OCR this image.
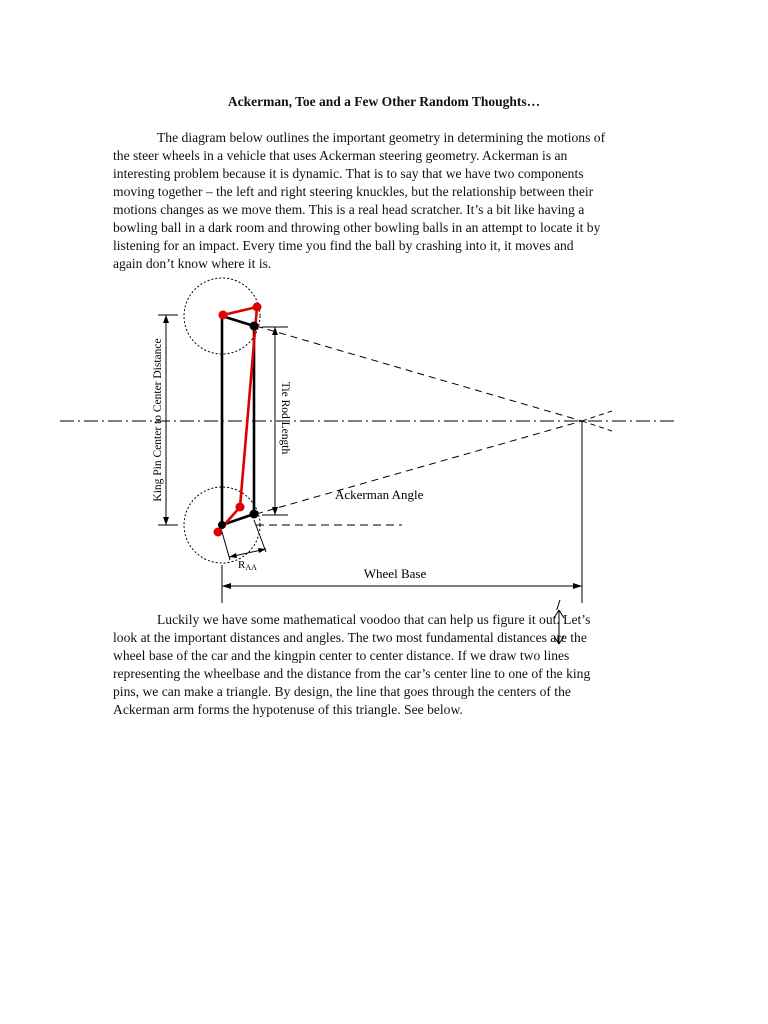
Ackerman, Toe and a Few Other Random Thoughts…
The diagram below outlines the important geometry in determining the motions of
the steer wheels in a vehicle that uses Ackerman steering geometry. Ackerman is an
interesting problem because it is dynamic. That is to say that we have two components
moving together – the left and right steering knuckles, but the relationship between their
motions changes as we move them. This is a real head scratcher. It’s a bit like having a
bowling ball in a dark room and throwing other bowling balls in an attempt to locate it by
listening for an impact. Every time you find the ball by crashing into it, it moves and
again don’t know where it is.
King Pin Center to Center Distance	Tie Rod Length
Ackerman Angle
RAA	Wheel Base
Luckily we have some mathematical voodoo that can help us figure it out. Let’s
look at the important distances and angles. The two most fundamental distances are the
wheel base of the car and the kingpin center to center distance. If we draw two lines
representing the wheelbase and the distance from the car’s center line to one of the king
pins, we can make a triangle. By design, the line that goes through the centers of the
Ackerman arm forms the hypotenuse of this triangle. See below.
